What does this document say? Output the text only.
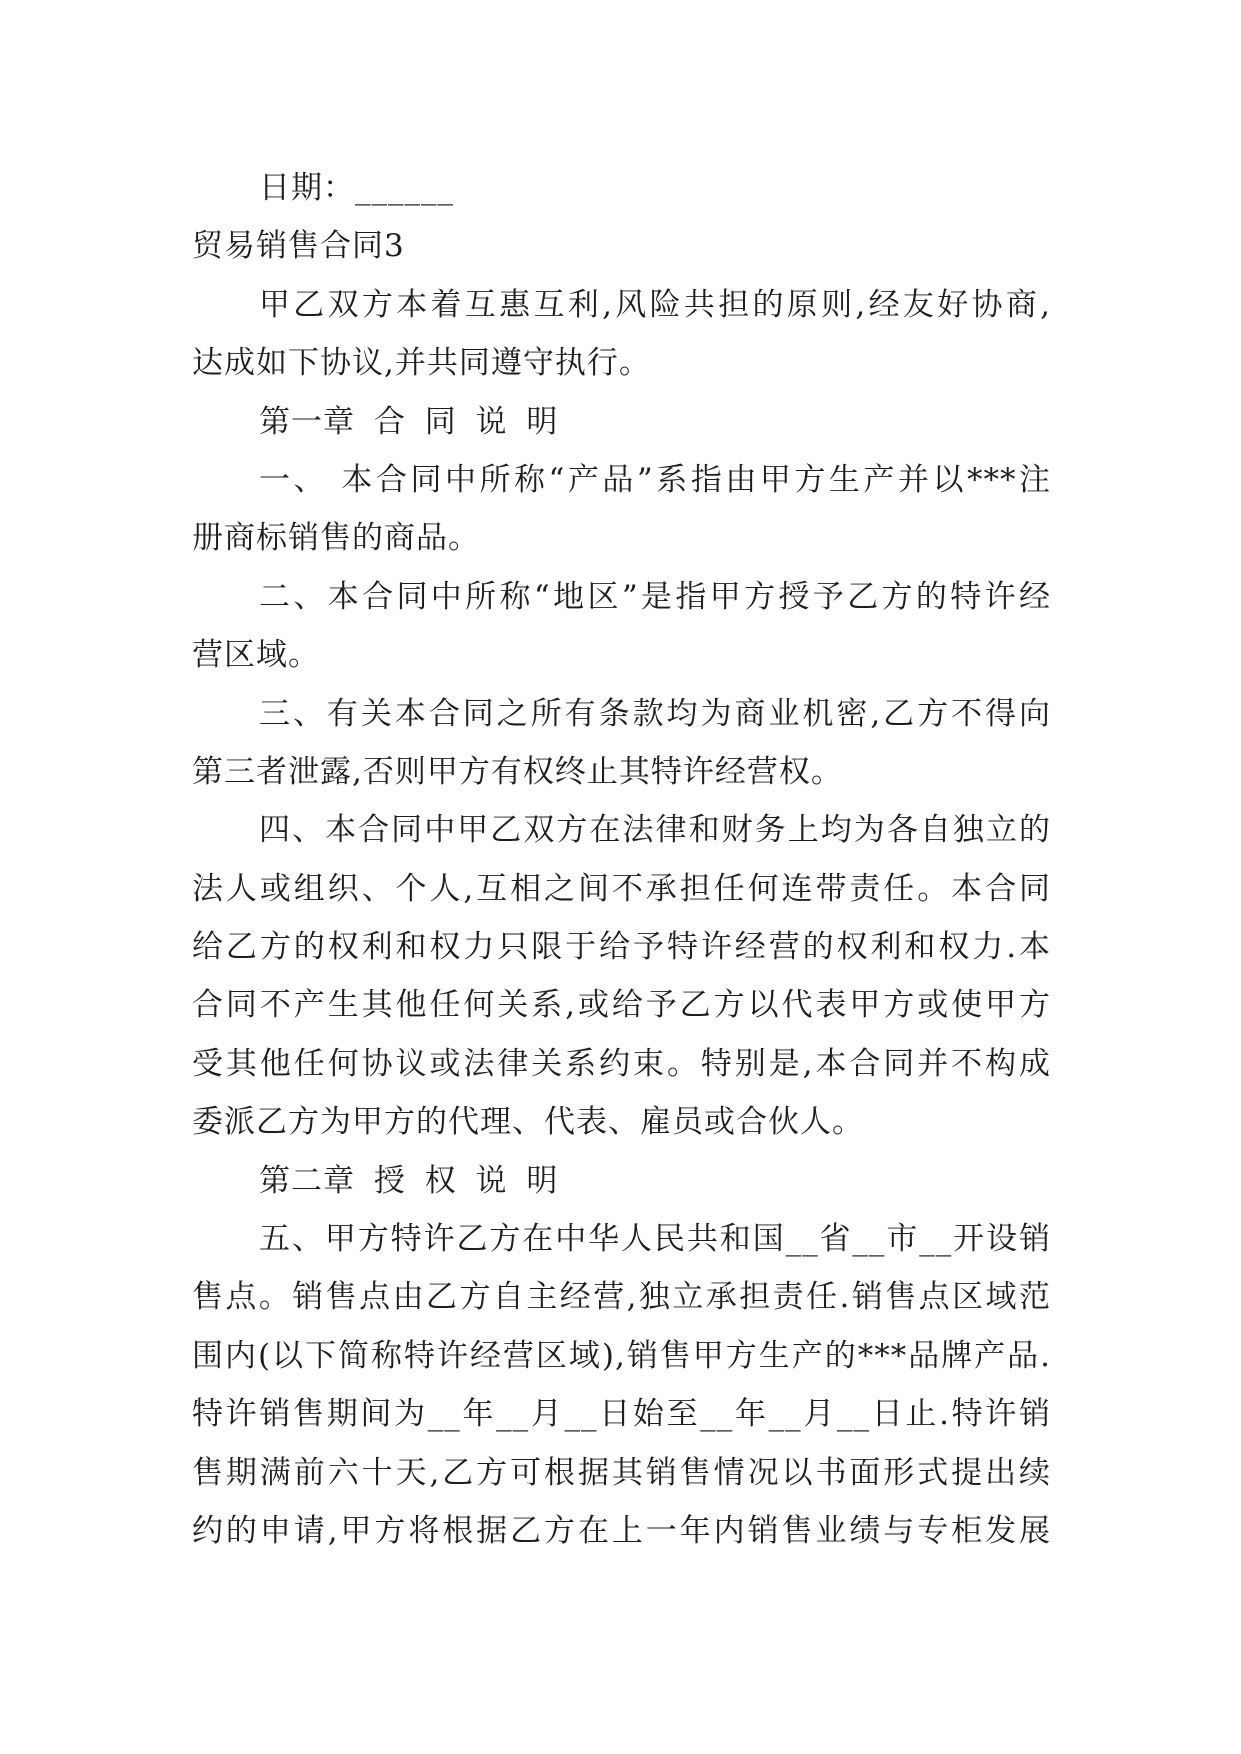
日期：______
贸易销售合同3
甲乙双方本着互惠互利,风险共担的原则,经友好协商,
达成如下协议,并共同遵守执行。
第一章 合 同 说 明
一、 本合同中所称“产品”系指由甲方生产并以***注
册商标销售的商品。
二、本合同中所称“地区”是指甲方授予乙方的特许经
营区域。
三、有关本合同之所有条款均为商业机密,乙方不得向
第三者泄露,否则甲方有权终止其特许经营权。
四、本合同中甲乙双方在法律和财务上均为各自独立的
法人或组织、个人,互相之间不承担任何连带责任。本合同
给乙方的权利和权力只限于给予特许经营的权利和权力.本
合同不产生其他任何关系,或给予乙方以代表甲方或使甲方
受其他任何协议或法律关系约束。特别是,本合同并不构成
委派乙方为甲方的代理、代表、雇员或合伙人。
第二章 授 权 说 明
五、甲方特许乙方在中华人民共和国__省__市__开设销
售点。销售点由乙方自主经营,独立承担责任.销售点区域范
围内(以下简称特许经营区域),销售甲方生产的***品牌产品.
特许销售期间为__年__月__日始至__年__月__日止.特许销
售期满前六十天,乙方可根据其销售情况以书面形式提出续
约的申请,甲方将根据乙方在上一年内销售业绩与专柜发展
